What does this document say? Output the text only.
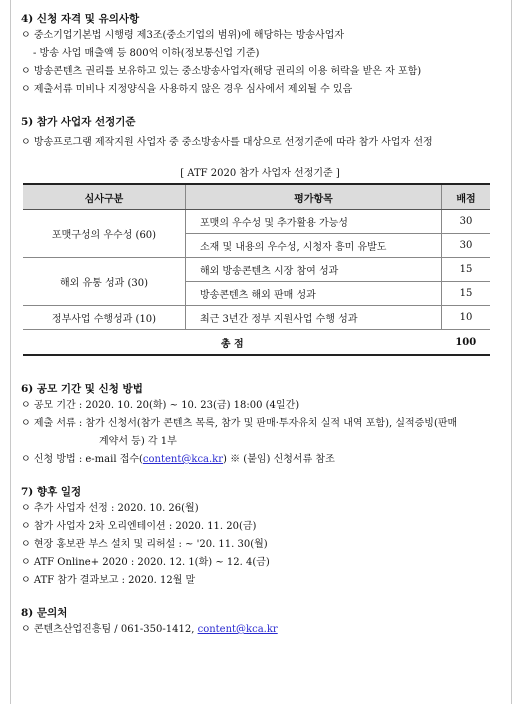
4) 신청 자격 및 유의사항

ㅇ 중소기업기본법 시행령 제3조(중소기업의 범위)에 해당하는 방송사업자

- 방송 사업 매출액 등 800억 이하(정보통신업 기준)

ㅇ 방송콘텐츠 권리를 보유하고 있는 중소방송사업자(해당 권리의 이용 허락을 받은 자 포함)

ㅇ 제출서류 미비나 지정양식을 사용하지 않은 경우 심사에서 제외될 수 있음

5) 참가 사업자 선정기준

ㅇ 방송프로그램 제작지원 사업자 중 중소방송사를 대상으로 선정기준에 따라 참가 사업자 선정

[ ATF 2020 참가 사업자 선정기준 ]

심사구분	평가항목	배점
포맷구성의 우수성 (60)	포맷의 우수성 및 추가활용 가능성	30
	소재 및 내용의 우수성, 시청자 흥미 유발도	30
해외 유통 성과 (30)	해외 방송콘텐츠 시장 참여 성과	15
	방송콘텐츠 해외 판매 성과	15
정부사업 수행성과 (10)	최근 3년간 정부 지원사업 수행 성과	10
총 점		100

6) 공모 기간 및 신청 방법

ㅇ 공모 기간 : 2020. 10. 20(화) ~ 10. 23(금) 18:00 (4일간)

ㅇ 제출 서류 : 참가 신청서(참가 콘텐츠 목록, 참가 및 판매·투자유치 실적 내역 포함), 실적증빙(판매

계약서 등) 각 1부

ㅇ 신청 방법 : e-mail 접수(content@kca.kr) ※ (붙임) 신청서류 참조

7) 향후 일정

ㅇ 추가 사업자 선정 : 2020. 10. 26(월)

ㅇ 참가 사업자 2차 오리엔테이션 : 2020. 11. 20(금)

ㅇ 현장 홍보관 부스 설치 및 리허설 : ~ '20. 11. 30(월)

ㅇ ATF Online+ 2020 : 2020. 12. 1(화) ~ 12. 4(금)

ㅇ ATF 참가 결과보고 : 2020. 12월 말

8) 문의처

ㅇ 콘텐츠산업진흥팀 / 061-350-1412, content@kca.kr
